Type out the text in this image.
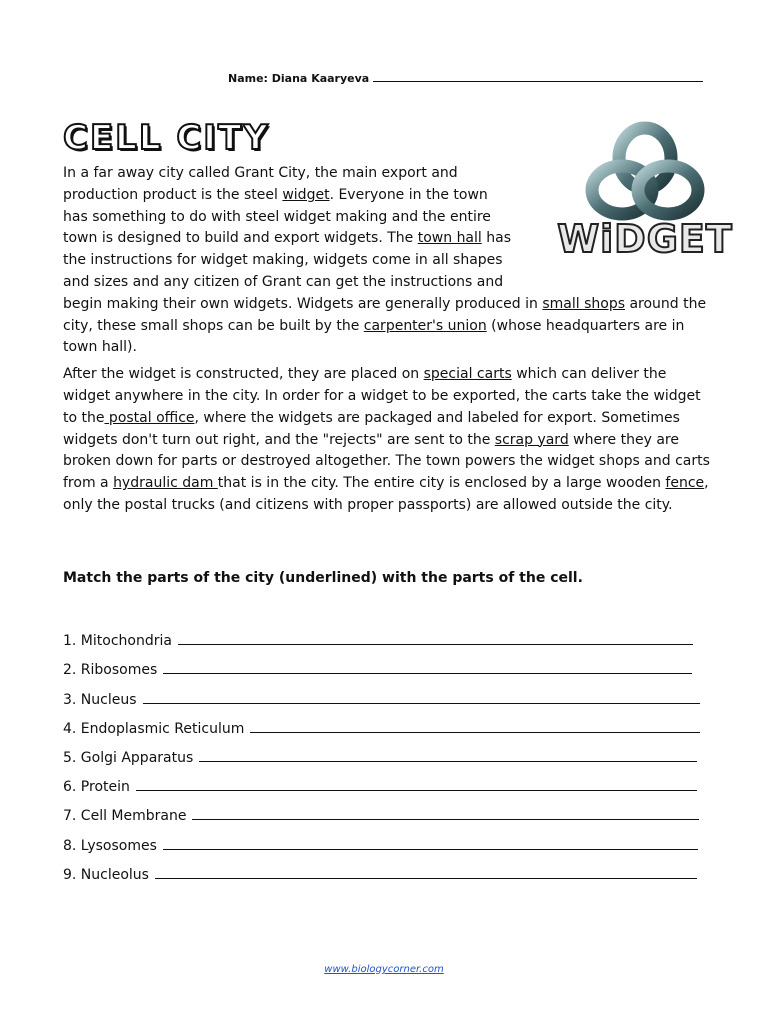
Name: Diana Kaaryeva
CELL CITY
WiDGET

In a far away city called Grant City, the main export and production product is the steel widget. Everyone in the town has something to do with steel widget making and the entire town is designed to build and export widgets. The town hall has the instructions for widget making, widgets come in all shapes and sizes and any citizen of Grant can get the instructions and begin making their own widgets. Widgets are generally produced in small shops around the city, these small shops can be built by the carpenter's union (whose headquarters are in town hall).

After the widget is constructed, they are placed on special carts which can deliver the widget anywhere in the city. In order for a widget to be exported, the carts take the widget to the postal office, where the widgets are packaged and labeled for export. Sometimes widgets don't turn out right, and the "rejects" are sent to the scrap yard where they are broken down for parts or destroyed altogether. The town powers the widget shops and carts from a hydraulic dam that is in the city. The entire city is enclosed by a large wooden fence, only the postal trucks (and citizens with proper passports) are allowed outside the city.

Match the parts of the city (underlined) with the parts of the cell.
1. Mitochondria
2. Ribosomes
3. Nucleus
4. Endoplasmic Reticulum
5. Golgi Apparatus
6. Protein
7. Cell Membrane
8. Lysosomes
9. Nucleolus
www.biologycorner.com
